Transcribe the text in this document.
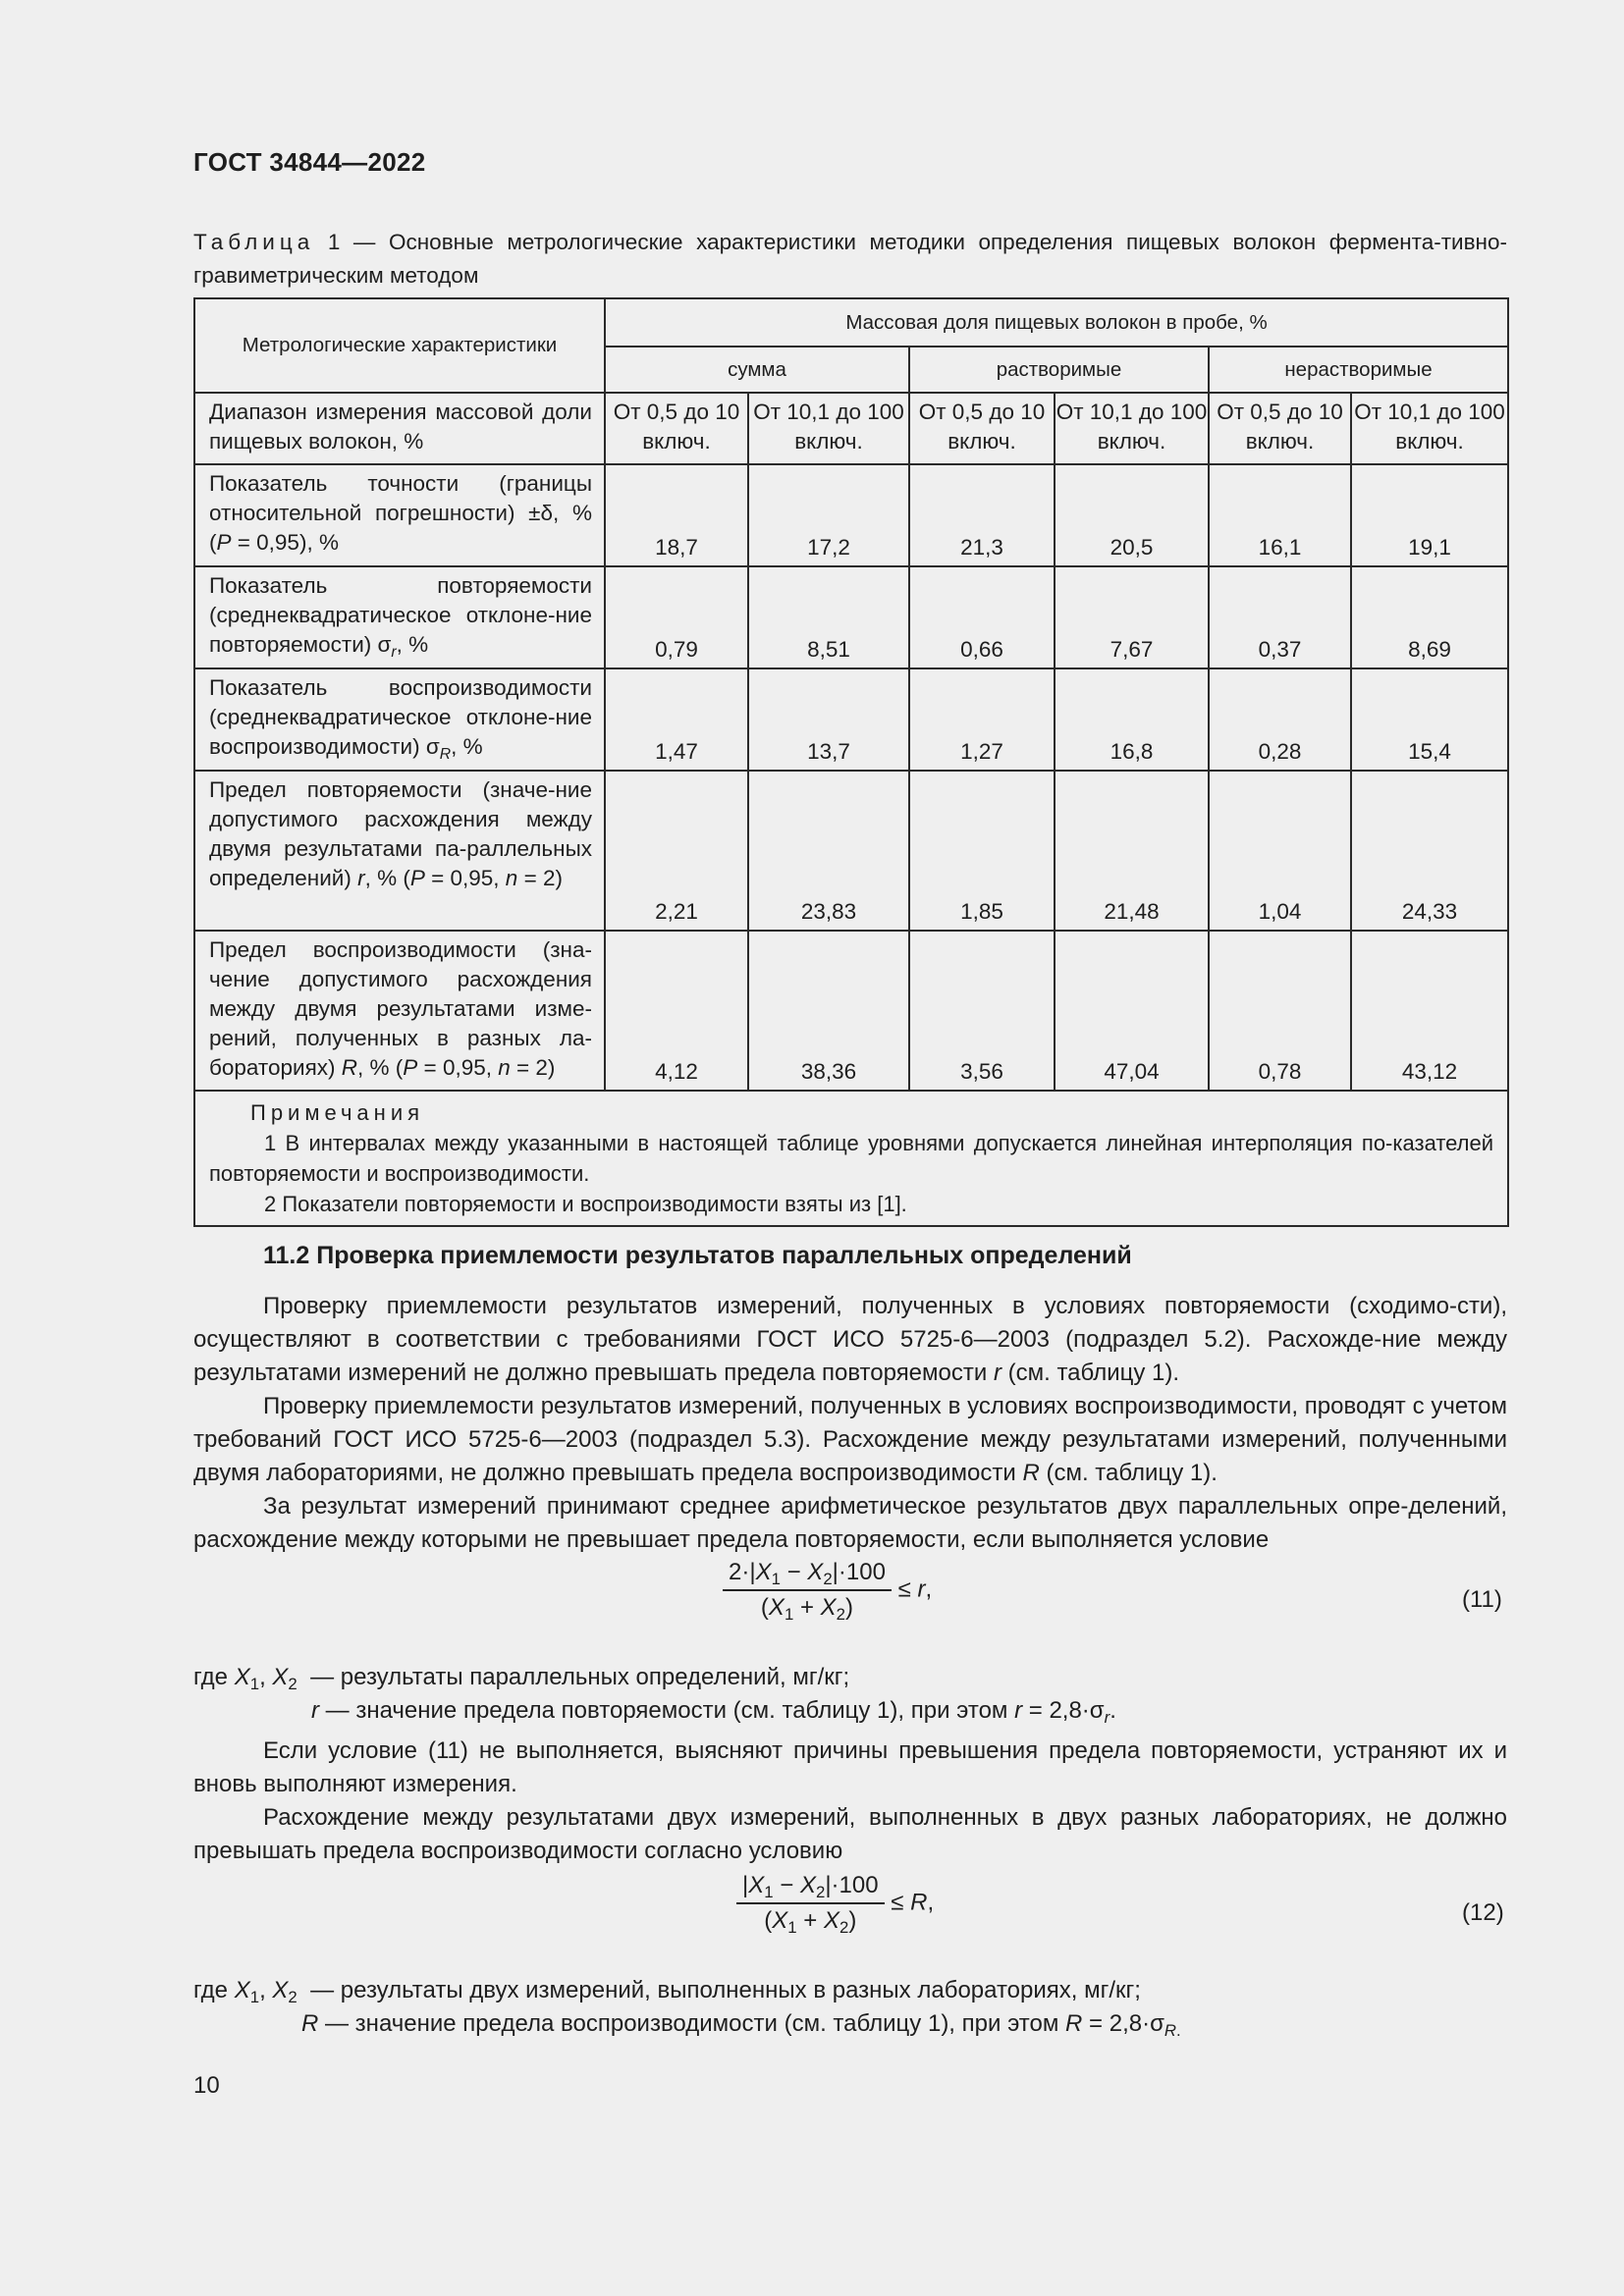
ГОСТ 34844—2022
Таблица 1 — Основные метрологические характеристики методики определения пищевых волокон фермента-тивно-гравиметрическим методом
Метрологические характеристики	Массовая доля пищевых волокон в пробе, %					
	сумма		растворимые		нерастворимые	
Диапазон измерения массовой доли пищевых волокон, %	От 0,5 до 10 включ.	От 10,1 до 100 включ.	От 0,5 до 10 включ.	От 10,1 до 100 включ.	От 0,5 до 10 включ.	От 10,1 до 100 включ.
Показатель точности (границы относительной погрешности) ±δ, % (P = 0,95), %	18,7	17,2	21,3	20,5	16,1	19,1
Показатель повторяемости (среднеквадратическое отклоне-ние повторяемости) $\sigma_r$, %	0,79	8,51	0,66	7,67	0,37	8,69
Показатель воспроизводимости (среднеквадратическое отклоне-ние воспроизводимости) $\sigma_R$, %	1,47	13,7	1,27	16,8	0,28	15,4
Предел повторяемости (значе-ние допустимого расхождения между двумя результатами па-раллельных определений) r, % (P = 0,95, n = 2)	2,21	23,83	1,85	21,48	1,04	24,33
Предел воспроизводимости (зна-чение допустимого расхождения между двумя результатами изме-рений, полученных в разных ла-бораториях) R, % (P = 0,95, n = 2)	4,12	38,36	3,56	47,04	0,78	43,12

Примечания
1 В интервалах между указанными в настоящей таблице уровнями допускается линейная интерполяция по-казателей повторяемости и воспроизводимости.
2 Показатели повторяемости и воспроизводимости взяты из [1].						
11.2 Проверка приемлемости результатов параллельных определений

Проверку приемлемости результатов измерений, полученных в условиях повторяемости (сходимо-сти), осуществляют в соответствии с требованиями ГОСТ ИСО 5725-6—2003 (подраздел 5.2). Расхожде-ние между результатами измерений не должно превышать предела повторяемости r (см. таблицу 1).

Проверку приемлемости результатов измерений, полученных в условиях воспроизводимости, проводят с учетом требований ГОСТ ИСО 5725-6—2003 (подраздел 5.3). Расхождение между результатами измерений, полученными двумя лабораториями, не должно превышать предела воспроизводимости R (см. таблицу 1).

За результат измерений принимают среднее арифметическое результатов двух параллельных опре-делений, расхождение между которыми не превышает предела повторяемости, если выполняется условие

$\frac{2\cdot|X_1 - X_2|\cdot 100}{(X_1 + X_2)} \le r$,	(11)
где $X_1$, $X_2$  — результаты параллельных определений, мг/кг;
r — значение предела повторяемости (см. таблицу 1), при этом $r = 2,8\cdot\sigma_r$.

Если условие (11) не выполняется, выясняют причины превышения предела повторяемости, устраняют их и вновь выполняют измерения.

Расхождение между результатами двух измерений, выполненных в двух разных лабораториях, не должно превышать предела воспроизводимости согласно условию

$\frac{|X_1 - X_2|\cdot 100}{(X_1 + X_2)} \le R$,	(12)
где $X_1$, $X_2$  — результаты двух измерений, выполненных в разных лабораториях, мг/кг;
R — значение предела воспроизводимости (см. таблицу 1), при этом $R = 2,8\cdot\sigma_{R.}$
10
